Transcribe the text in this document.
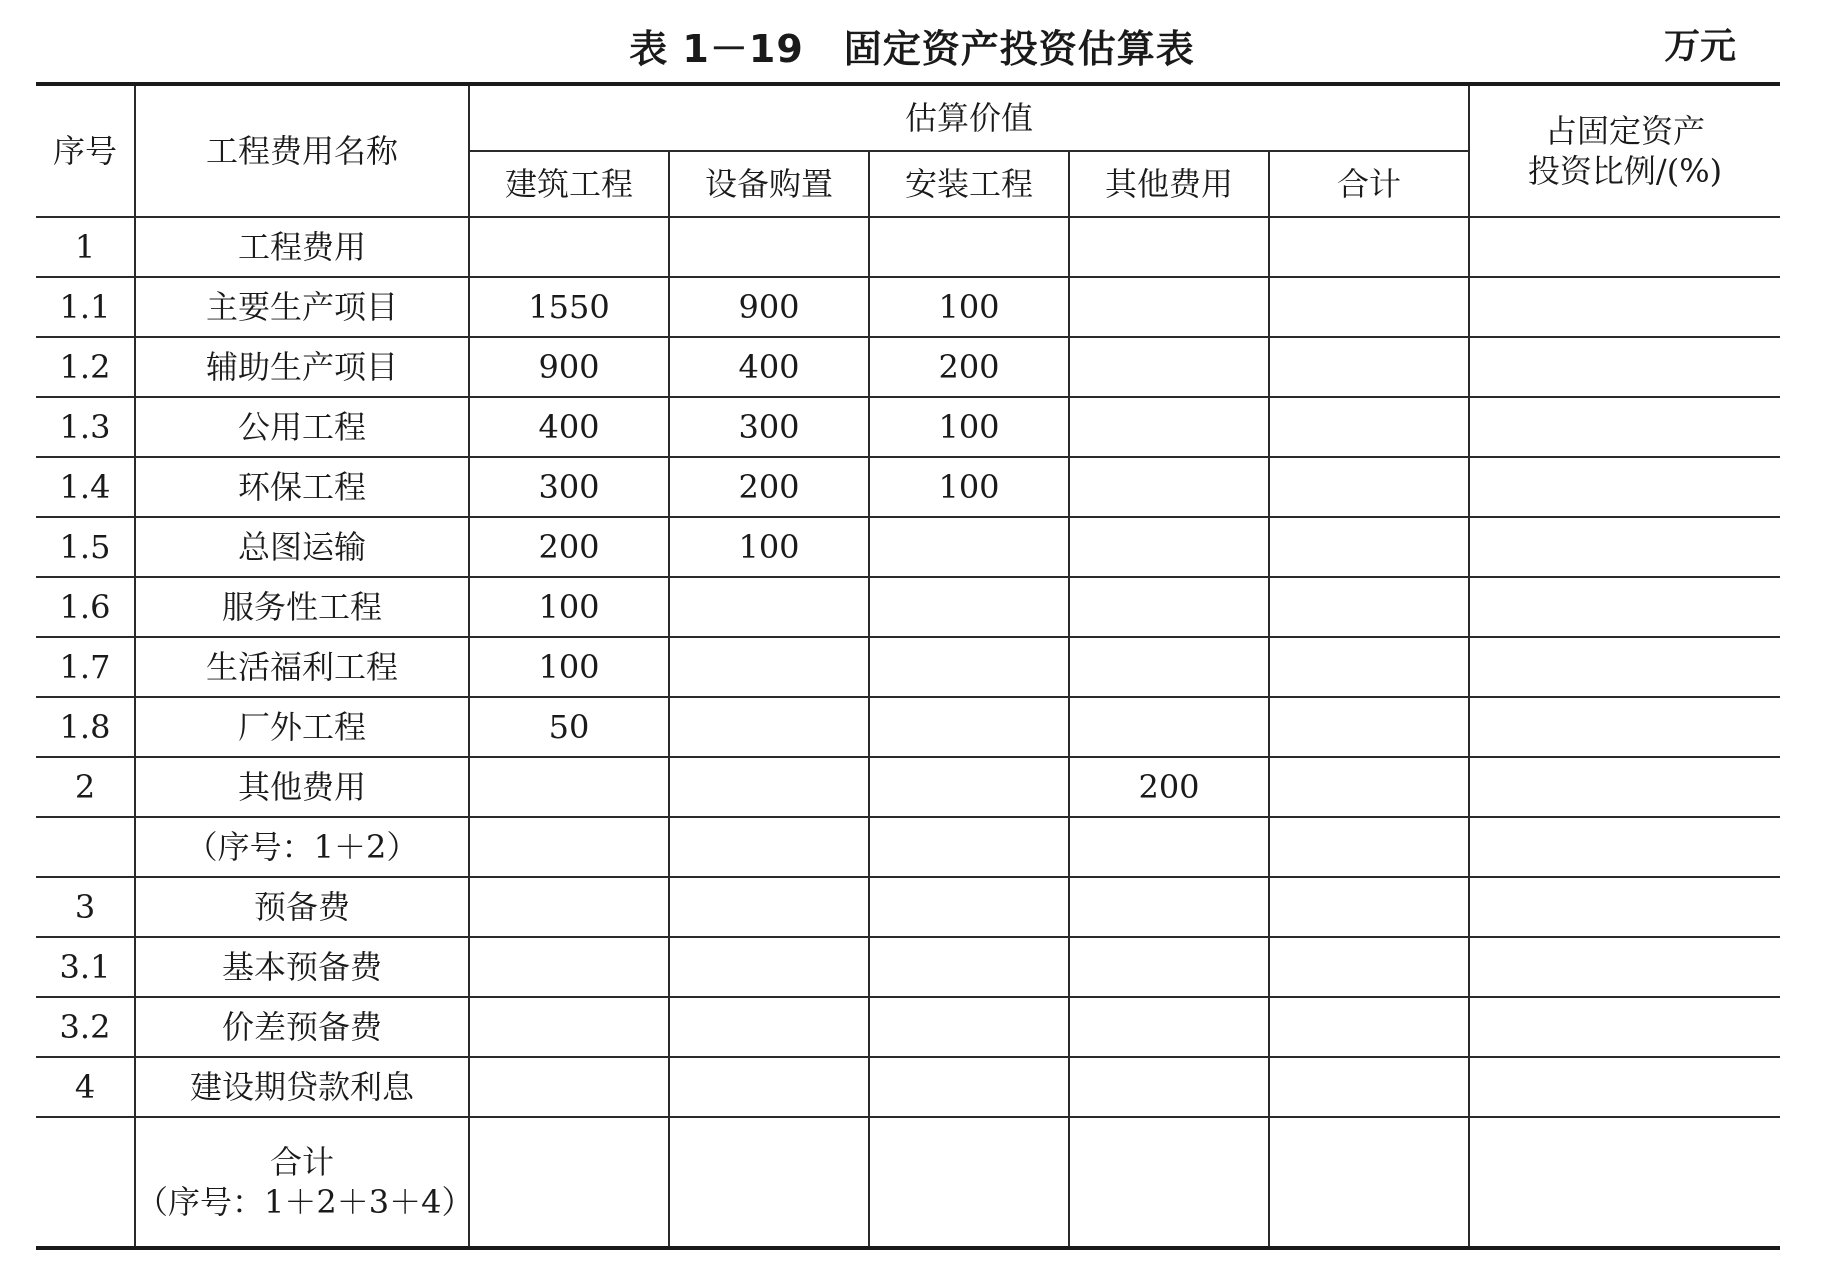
表 1－19 固定资产投资估算表	万元
序号	工程费用名称	估算价值					占固定资产
投资比例/(%)

		建筑工程	设备购置	安装工程	其他费用	合计	
1	工程费用						
1.1	主要生产项目	1550	900	100			
1.2	辅助生产项目	900	400	200			
1.3	公用工程	400	300	100			
1.4	环保工程	300	200	100			
1.5	总图运输	200	100				
1.6	服务性工程	100					
1.7	生活福利工程	100					
1.8	厂外工程	50					
2	其他费用				200		
	（序号：1＋2）						
3	预备费						
3.1	基本预备费						
3.2	价差预备费						
4	建设期贷款利息						

	合计
（序号：1＋2＋3＋4）						
